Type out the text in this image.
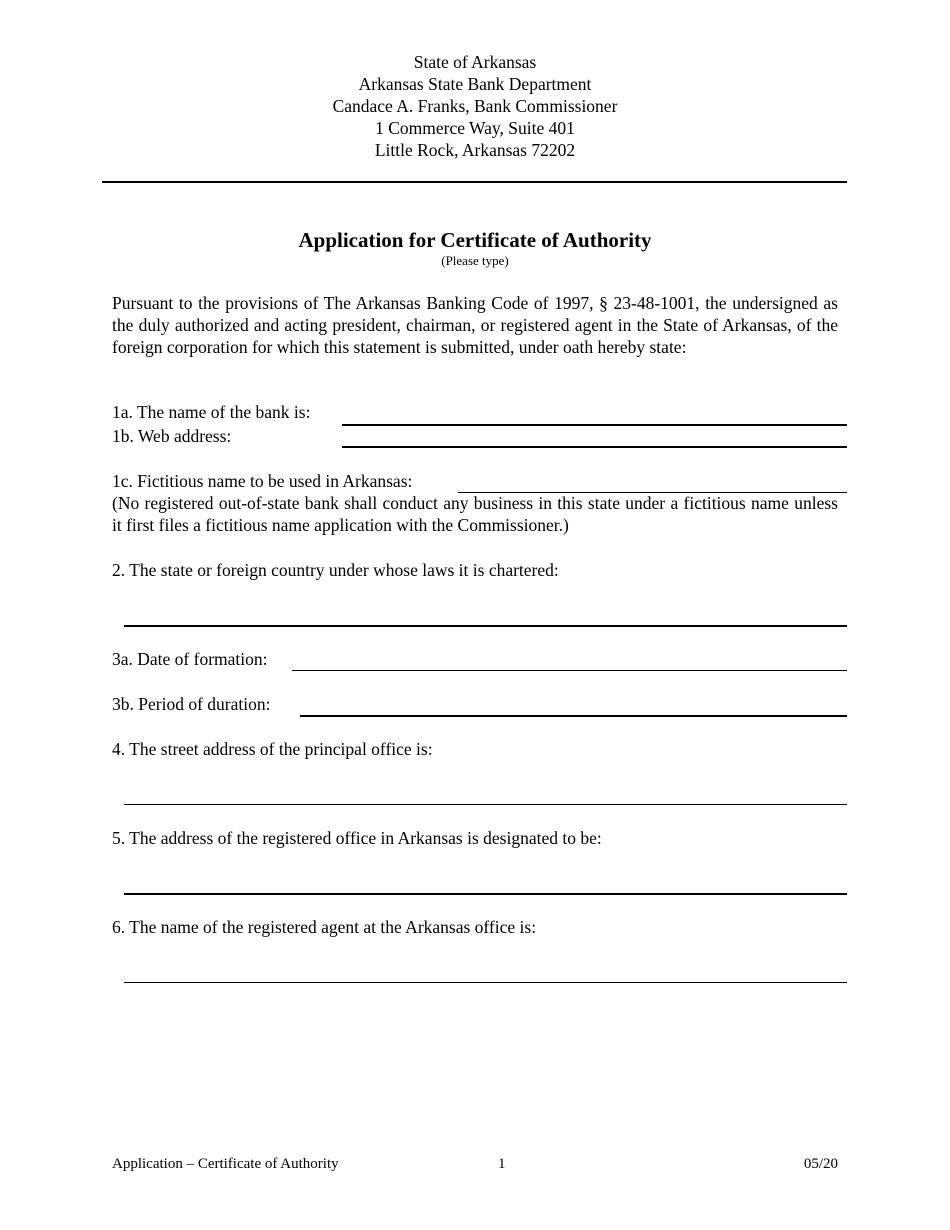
State of Arkansas
Arkansas State Bank Department
Candace A. Franks, Bank Commissioner
1 Commerce Way, Suite 401
Little Rock, Arkansas 72202
Application for Certificate of Authority
(Please type)
Pursuant to the provisions of The Arkansas Banking Code of 1997, § 23-48-1001, the undersigned as the duly authorized and acting president, chairman, or registered agent in the State of Arkansas, of the foreign corporation for which this statement is submitted, under oath hereby state:
1a. The name of the bank is:
1b. Web address:
1c. Fictitious name to be used in Arkansas:
(No registered out-of-state bank shall conduct any business in this state under a fictitious name unless it first files a fictitious name application with the Commissioner.)
2. The state or foreign country under whose laws it is chartered:
3a. Date of formation:
3b. Period of duration:
4. The street address of the principal office is:
5. The address of the registered office in Arkansas is designated to be:
6. The name of the registered agent at the Arkansas office is:
Application – Certificate of Authority	1	05/20
